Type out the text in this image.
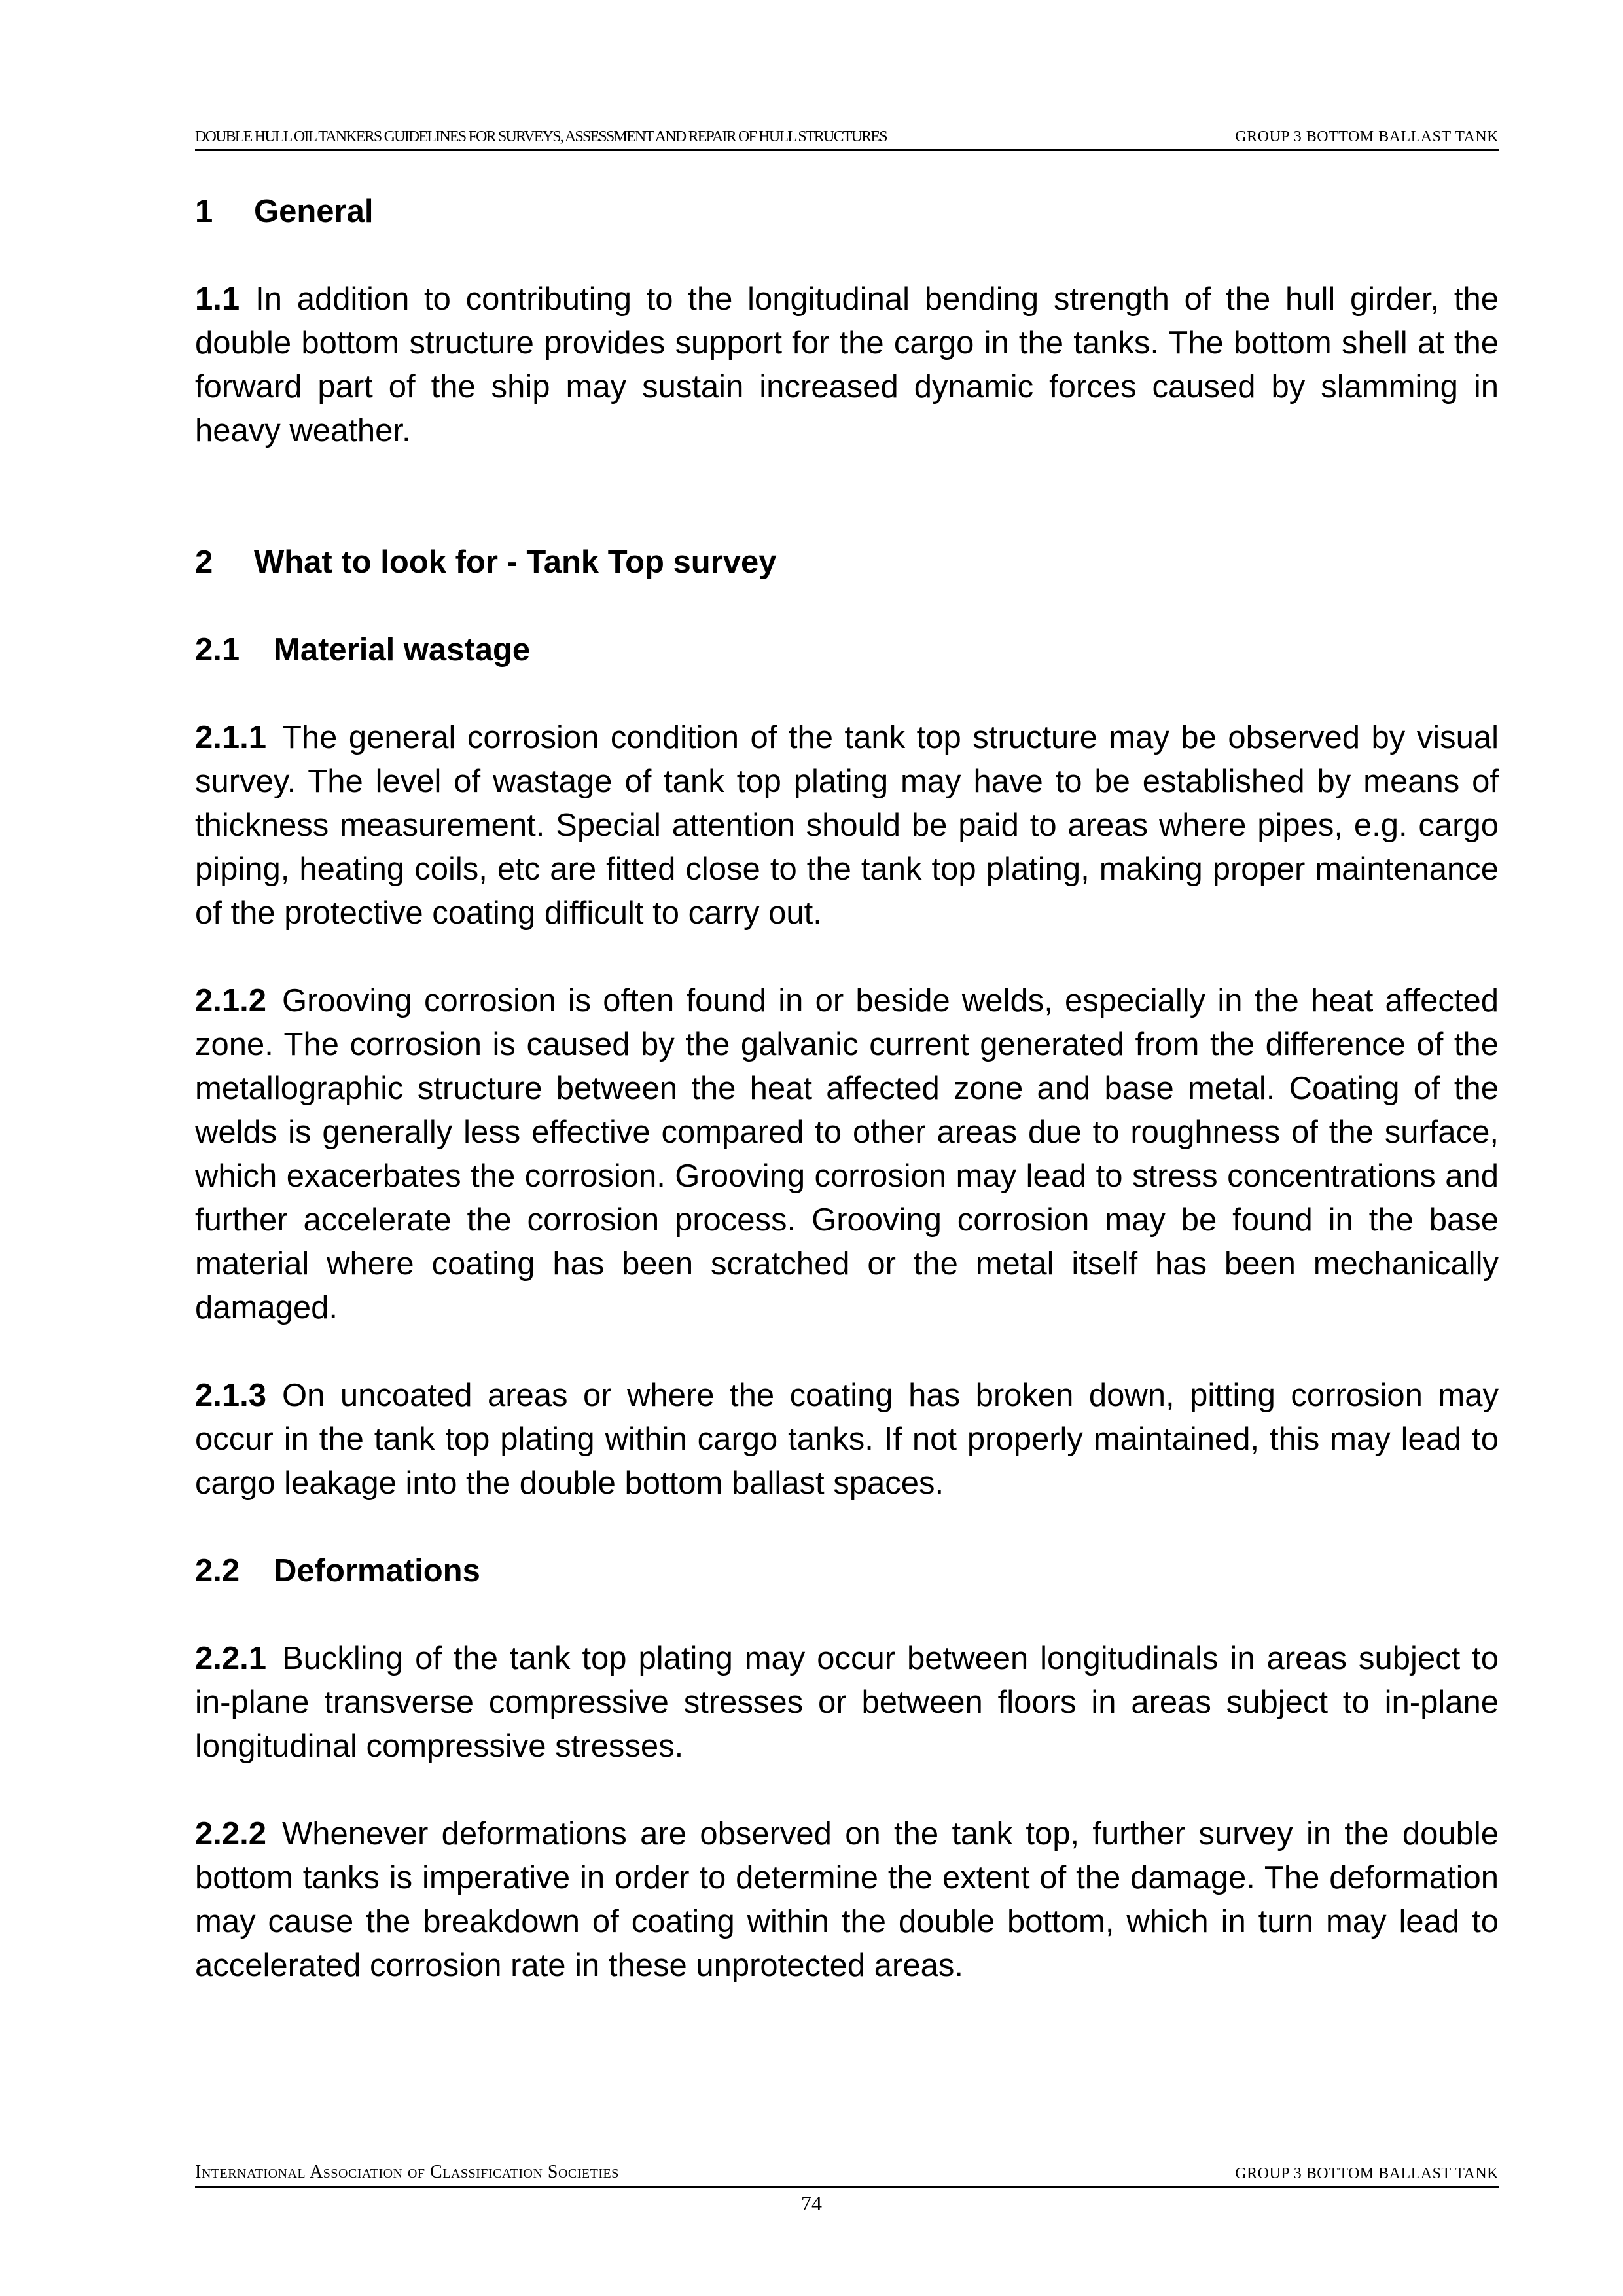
DOUBLE HULL OIL TANKERS GUIDELINES FOR SURVEYS, ASSESSMENT AND REPAIR OF HULL STRUCTURES	GROUP 3 BOTTOM BALLAST TANK
1 General

1.1 In addition to contributing to the longitudinal bending strength of the hull girder, the double bottom structure provides support for the cargo in the tanks. The bottom shell at the forward part of the ship may sustain increased dynamic forces caused by slamming in heavy weather.

2 What to look for - Tank Top survey
2.1 Material wastage

2.1.1 The general corrosion condition of the tank top structure may be observed by visual survey. The level of wastage of tank top plating may have to be established by means of thickness measurement. Special attention should be paid to areas where pipes, e.g. cargo piping, heating coils, etc are fitted close to the tank top plating, making proper maintenance of the protective coating difficult to carry out.

2.1.2 Grooving corrosion is often found in or beside welds, especially in the heat affected zone. The corrosion is caused by the galvanic current generated from the difference of the metallographic structure between the heat affected zone and base metal. Coating of the welds is generally less effective compared to other areas due to roughness of the surface, which exacerbates the corrosion. Grooving corrosion may lead to stress concentrations and further accelerate the corrosion process. Grooving corrosion may be found in the base material where coating has been scratched or the metal itself has been mechanically damaged.

2.1.3 On uncoated areas or where the coating has broken down, pitting corrosion may occur in the tank top plating within cargo tanks. If not properly maintained, this may lead to cargo leakage into the double bottom ballast spaces.

2.2 Deformations

2.2.1 Buckling of the tank top plating may occur between longitudinals in areas subject to in-plane transverse compressive stresses or between floors in areas subject to in-plane longitudinal compressive stresses.

2.2.2 Whenever deformations are observed on the tank top, further survey in the double bottom tanks is imperative in order to determine the extent of the damage. The deformation may cause the breakdown of coating within the double bottom, which in turn may lead to accelerated corrosion rate in these unprotected areas.

International Association of Classification Societies	GROUP 3 BOTTOM BALLAST TANK
74
